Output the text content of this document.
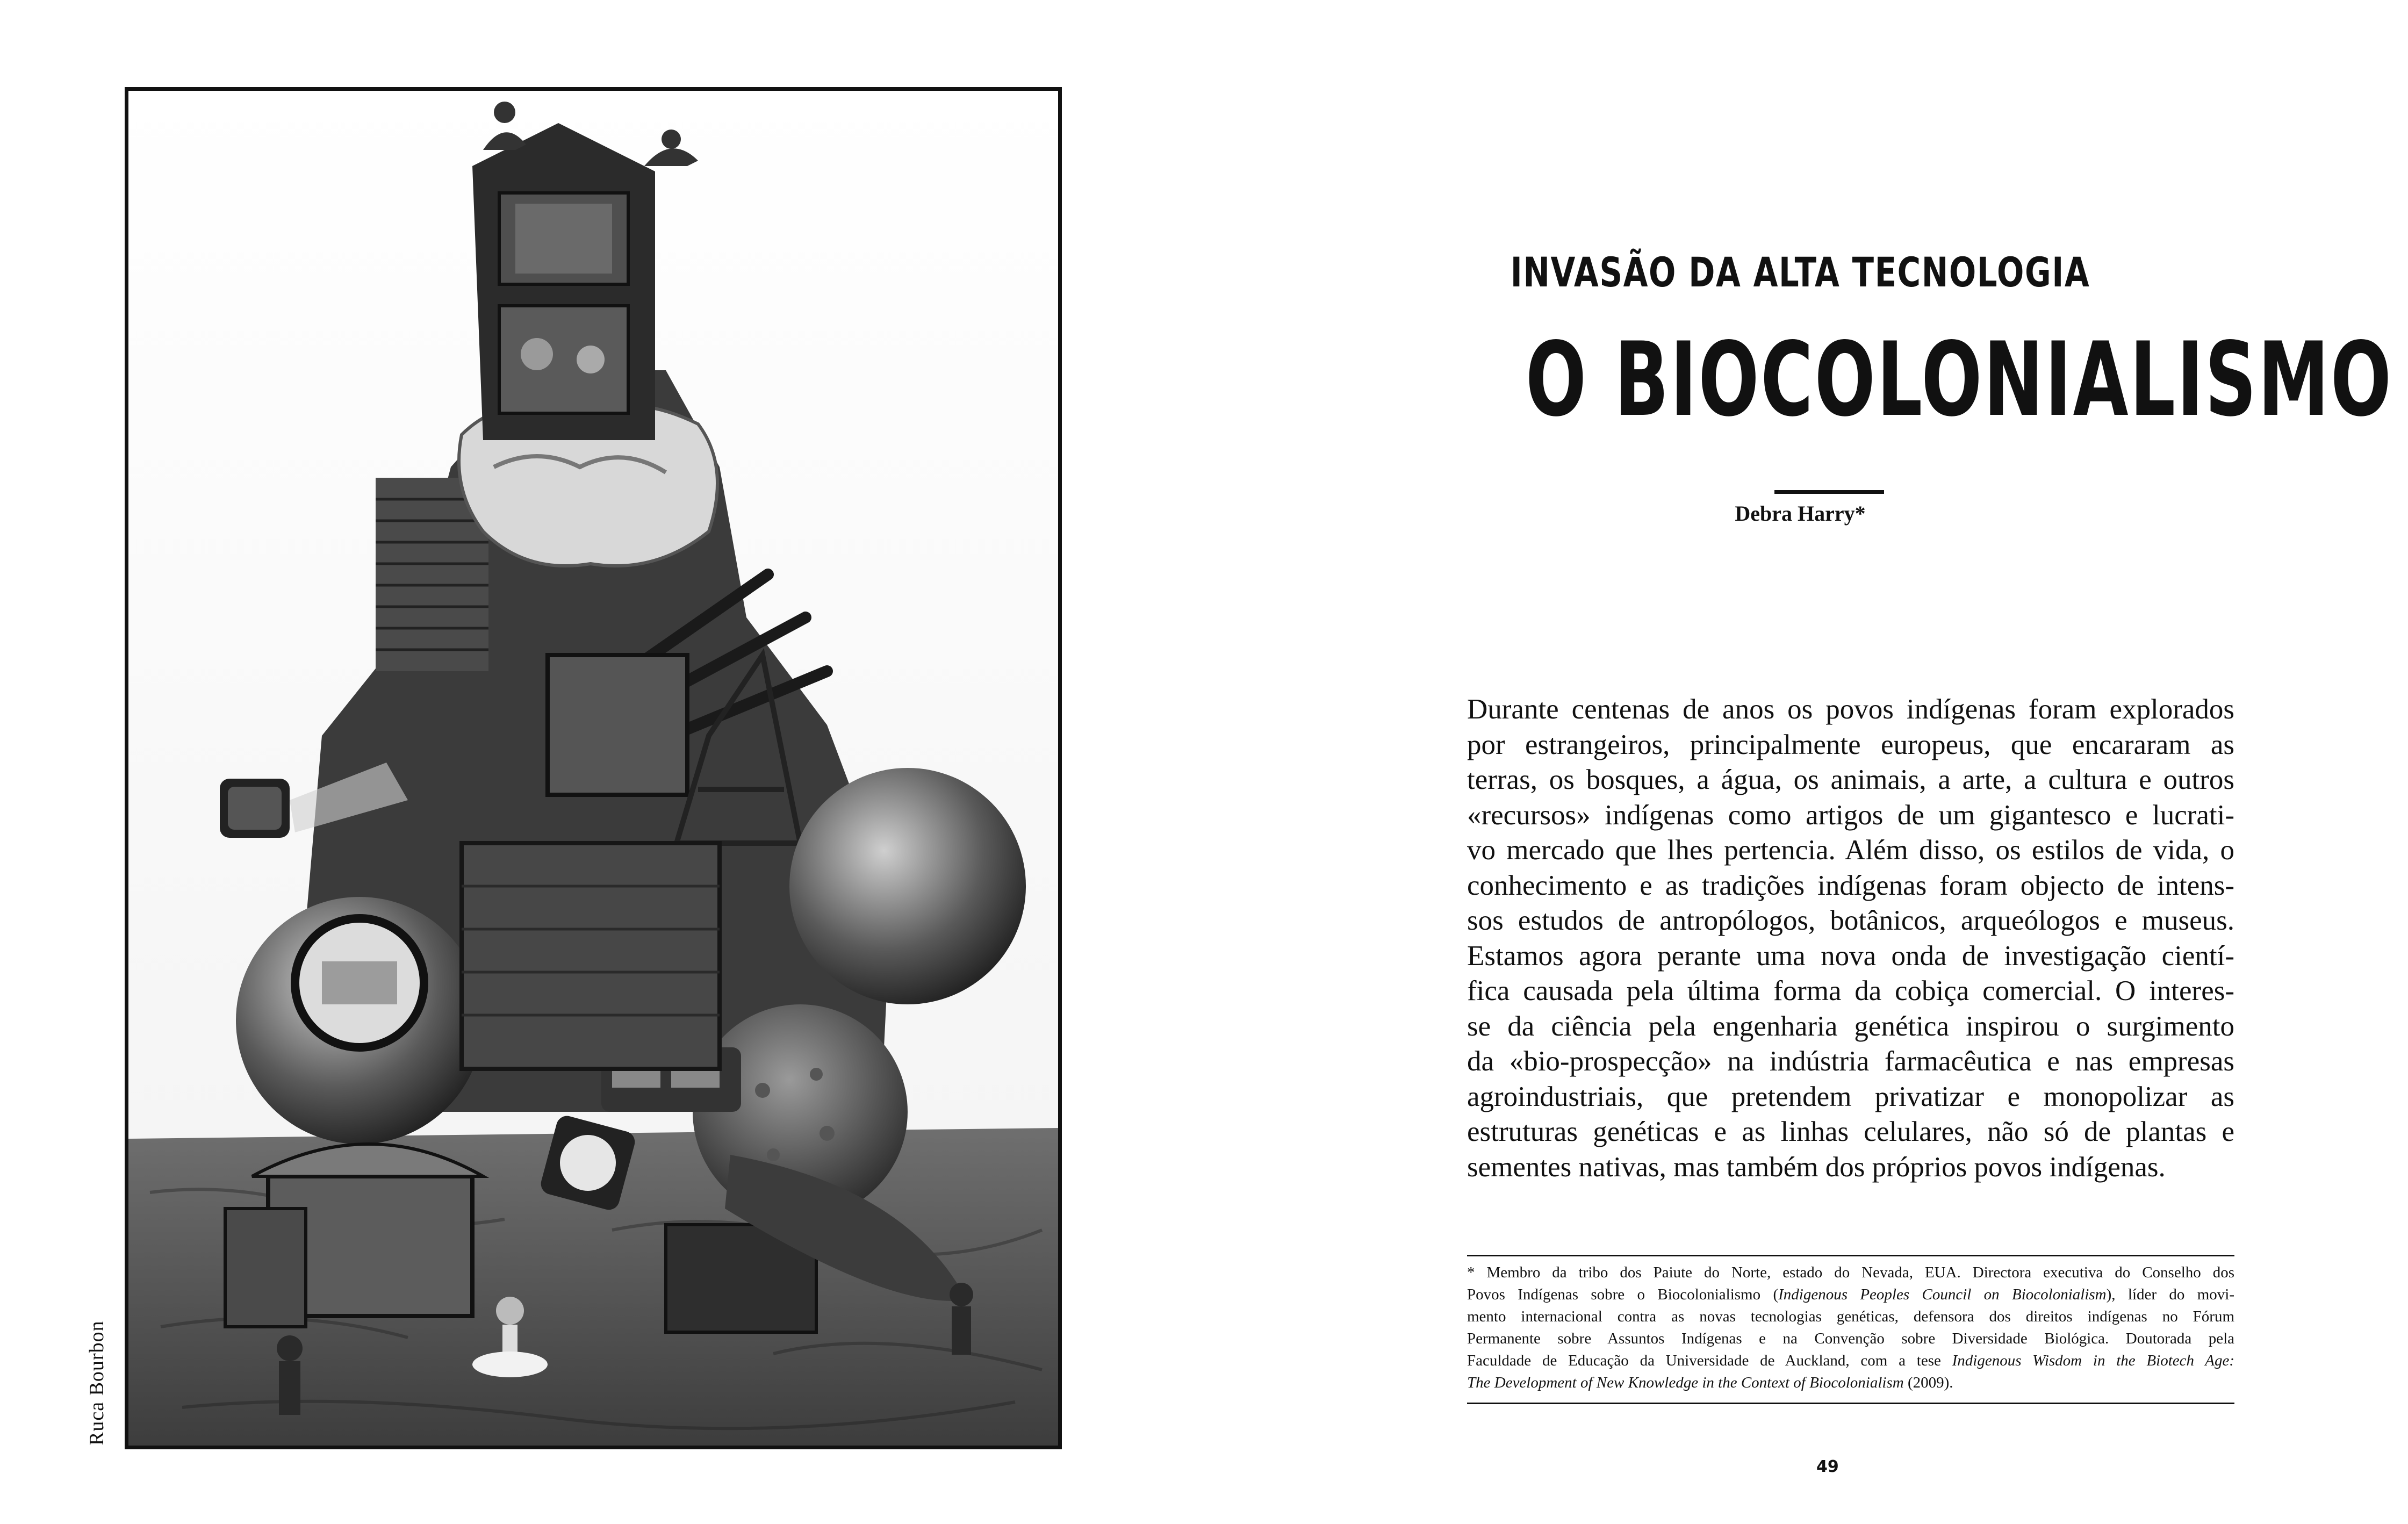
Ruca Bourbon
INVASÃO DA ALTA TECNOLOGIA
O BIOCOLONIALISMO
Debra Harry*
Durante centenas de anos os povos indígenas foram explorados
por estrangeiros, principalmente europeus, que encararam as
terras, os bosques, a água, os animais, a arte, a cultura e outros
«recursos» indígenas como artigos de um gigantesco e lucrati-
vo mercado que lhes pertencia. Além disso, os estilos de vida, o
conhecimento e as tradições indígenas foram objecto de intens-
sos estudos de antropólogos, botânicos, arqueólogos e museus.
Estamos agora perante uma nova onda de investigação cientí-
fica causada pela última forma da cobiça comercial. O interes-
se da ciência pela engenharia genética inspirou o surgimento
da «bio-prospecção» na indústria farmacêutica e nas empresas
agroindustriais, que pretendem privatizar e monopolizar as
estruturas genéticas e as linhas celulares, não só de plantas e
sementes nativas, mas também dos próprios povos indígenas.
* Membro da tribo dos Paiute do Norte, estado do Nevada, EUA. Directora executiva do Conselho dos
Povos Indígenas sobre o Biocolonialismo (Indigenous Peoples Council on Biocolonialism), líder do movi-
mento internacional contra as novas tecnologias genéticas, defensora dos direitos indígenas no Fórum
Permanente sobre Assuntos Indígenas e na Convenção sobre Diversidade Biológica. Doutorada pela
Faculdade de Educação da Universidade de Auckland, com a tese Indigenous Wisdom in the Biotech Age:
The Development of New Knowledge in the Context of Biocolonialism (2009).
49
